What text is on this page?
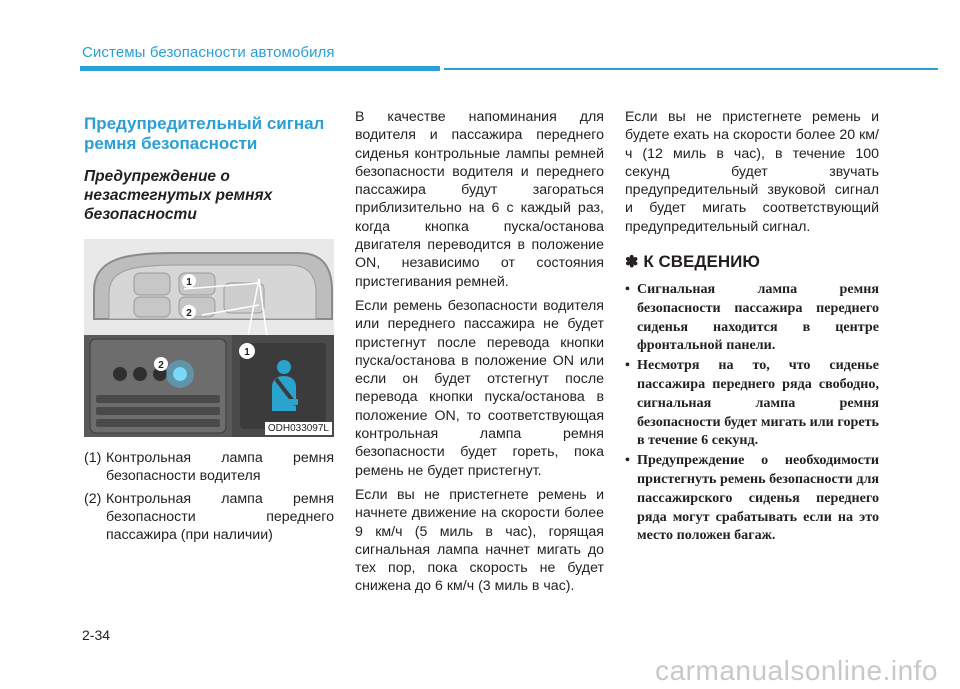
Системы безопасности автомобиля
Предупредительный сигнал ремня безопасности
Предупреждение о незастегнутых ремнях безопасности
2
1
1
2
ODH033097L
(1) Контрольная лампа ремня безопасности водителя
(2) Контрольная лампа ремня безопасности переднего пассажира (при наличии)
В качестве напоминания для водителя и пассажира переднего сиденья контрольные лампы ремней безопасности водителя и переднего пассажира будут загораться приблизительно на 6 с каждый раз, когда кнопка пуска/останова двигателя переводится в положение ON, независимо от состояния пристегивания ремней.
Если ремень безопасности водителя или переднего пассажира не будет пристегнут после перевода кнопки пуска/останова в положение ON или если он будет отстегнут после перевода кнопки пуска/останова в положение ON, то соответствующая контрольная лампа ремня безопасности будет гореть, пока ремень не будет пристегнут.
Если вы не пристегнете ремень и начнете движение на скорости более 9 км/ч (5 миль в час), горящая сигнальная лампа начнет мигать до тех пор, пока скорость не будет снижена до 6 км/ч (3 миль в час).
Если вы не пристегнете ремень и будете ехать на скорости более 20 км/ч (12 миль в час), в течение 100 секунд будет звучать предупредительный звуковой сигнал и будет мигать соответствующий предупредительный сигнал.
✽ К СВЕДЕНИЮ
• Сигнальная лампа ремня безопасности пассажира переднего сиденья находится в центре фронтальной панели.
• Несмотря на то, что сиденье пассажира переднего ряда свободно, сигнальная лампа ремня безопасности будет мигать или гореть в течение 6 секунд.
• Предупреждение о необходимости пристегнуть ремень безопасности для пассажирского сиденья переднего ряда могут срабатывать если на это место положен багаж.
2-34
carmanualsonline.info
